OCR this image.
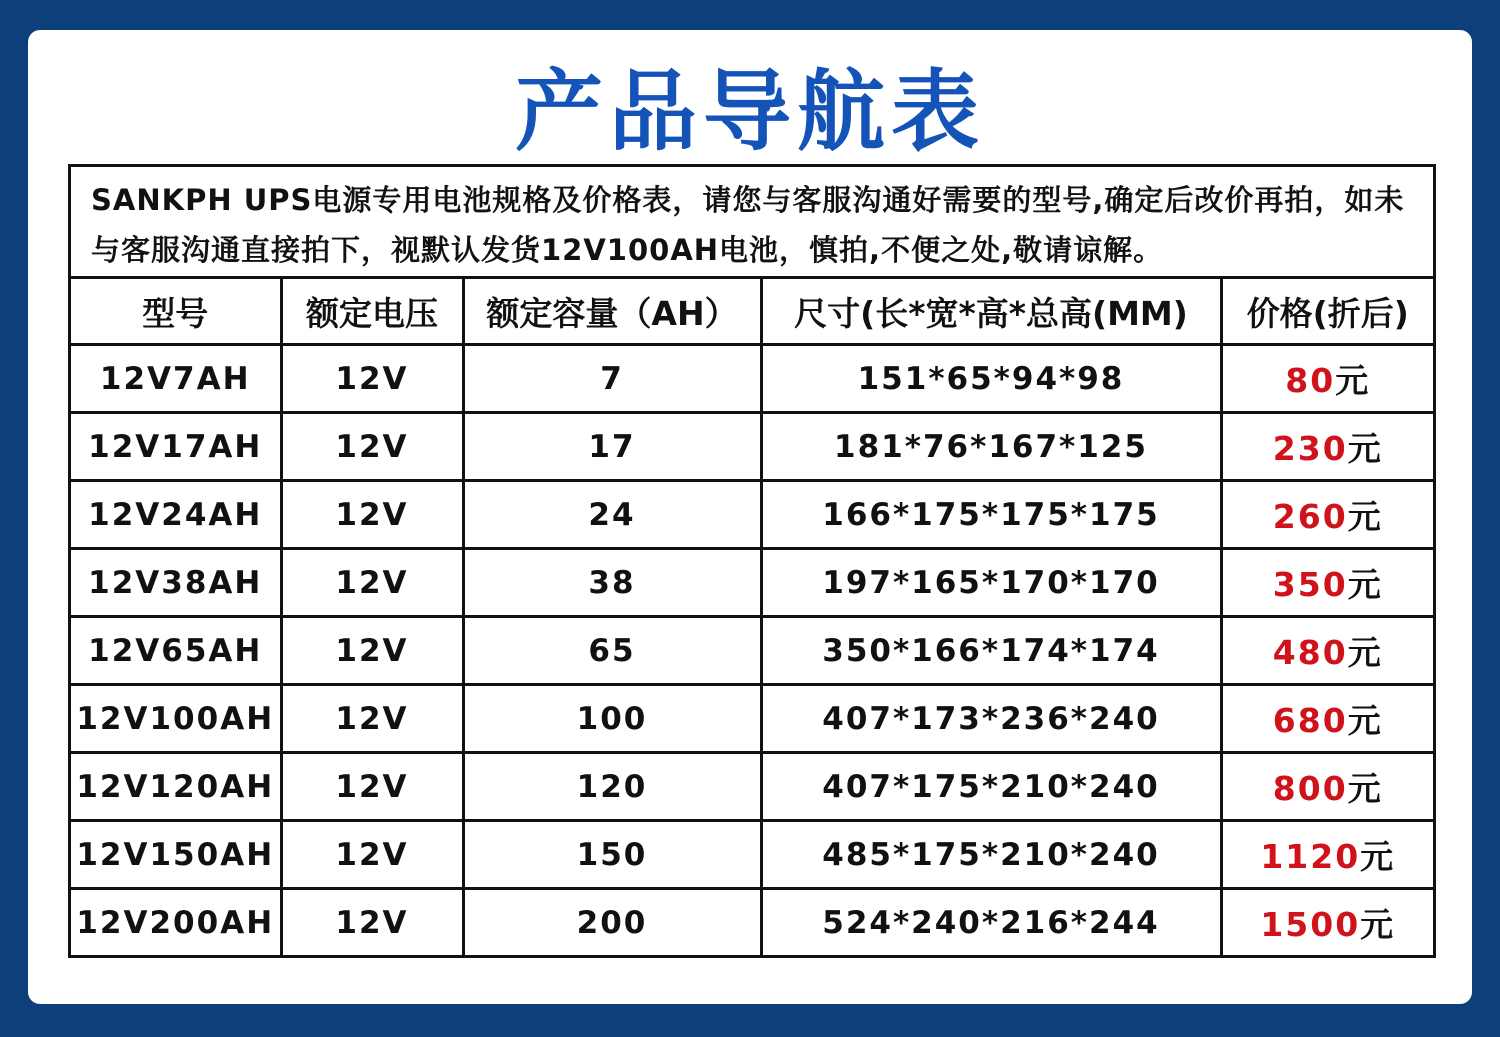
产品导航表
SANKPH UPS电源专用电池规格及价格表，请您与客服沟通好需要的型号,确定后改价再拍，如未与客服沟通直接拍下，视默认发货12V100AH电池，慎拍,不便之处,敬请谅解。
型号	额定电压	额定容量（AH）	尺寸(长*宽*高*总高(MM)	价格(折后)
12V7AH	12V	7	151*65*94*98	80元
12V17AH	12V	17	181*76*167*125	230元
12V24AH	12V	24	166*175*175*175	260元
12V38AH	12V	38	197*165*170*170	350元
12V65AH	12V	65	350*166*174*174	480元
12V100AH	12V	100	407*173*236*240	680元
12V120AH	12V	120	407*175*210*240	800元
12V150AH	12V	150	485*175*210*240	1120元
12V200AH	12V	200	524*240*216*244	1500元
